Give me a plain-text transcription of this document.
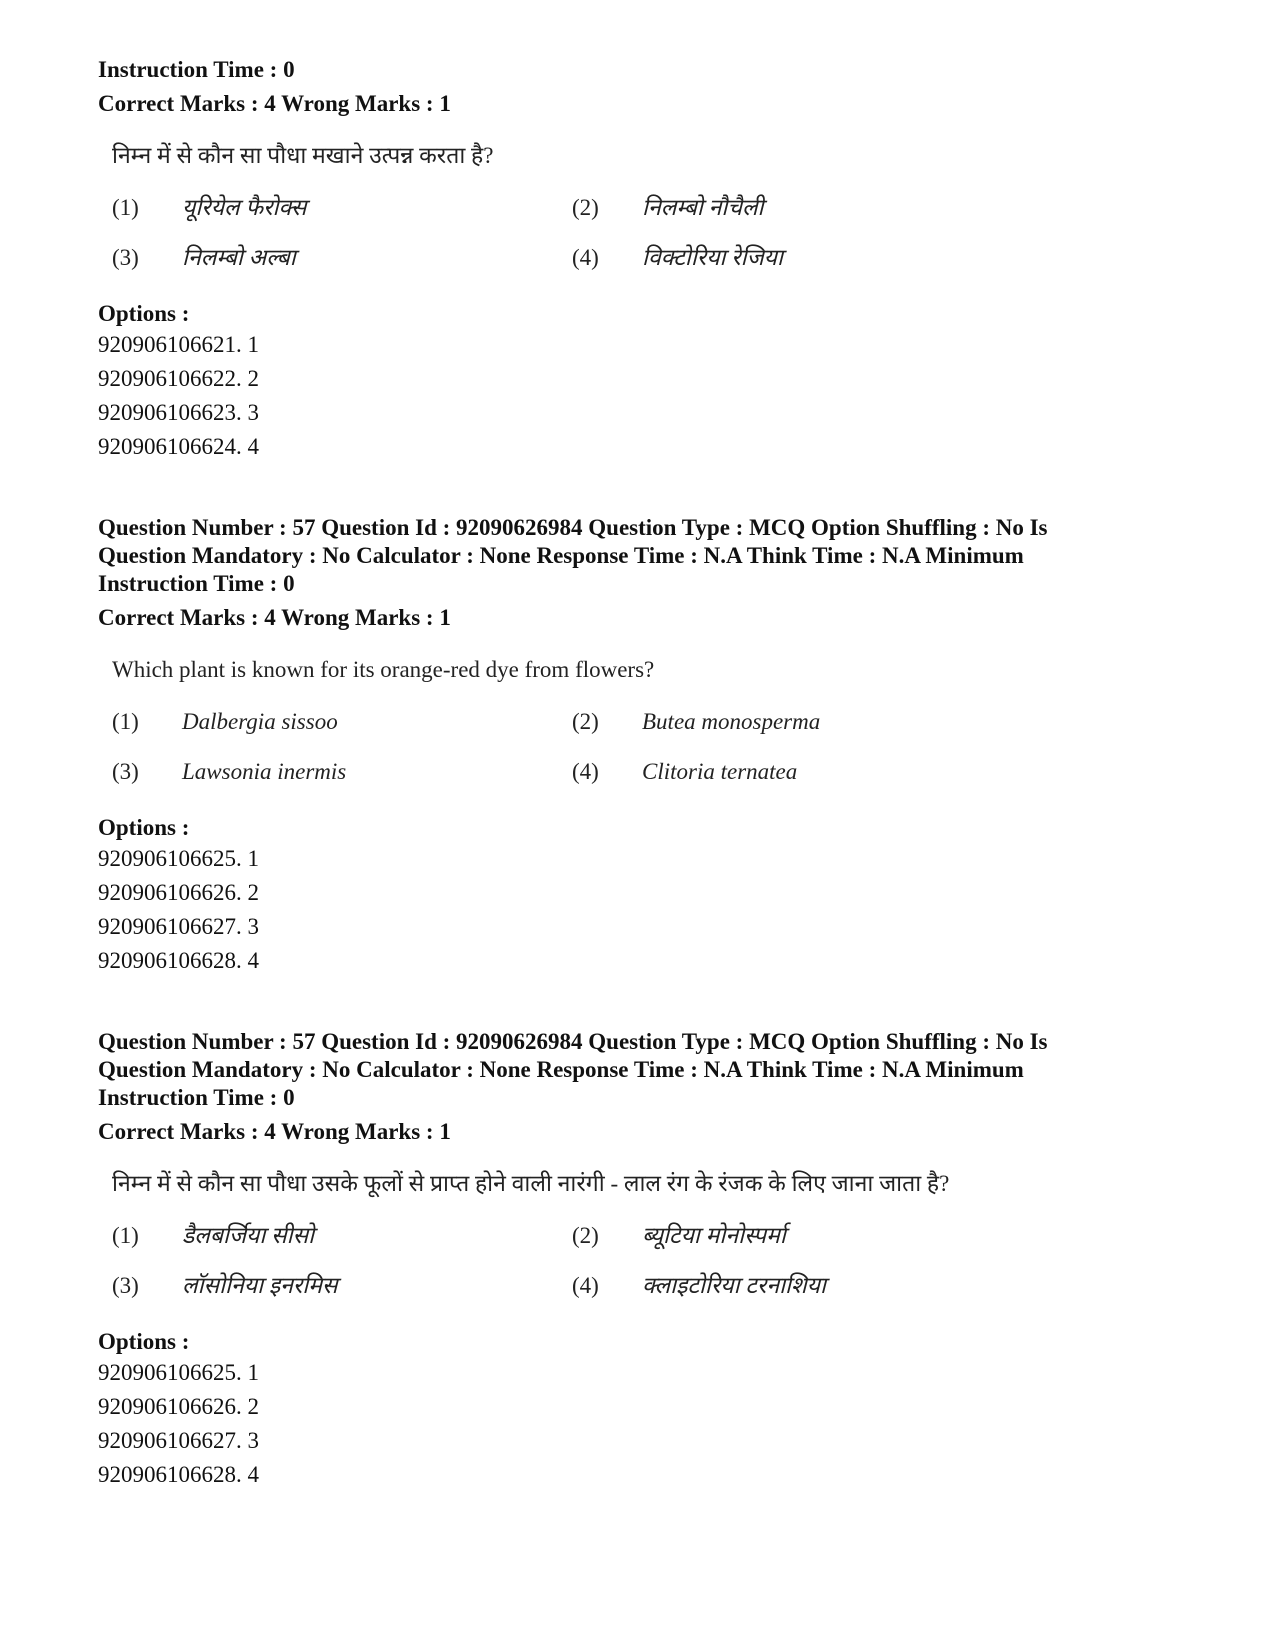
Instruction Time : 0
Correct Marks : 4 Wrong Marks : 1
निम्न में से कौन सा पौधा मखाने उत्पन्न करता है?
(1)	यूरियेल फैरोक्स	(2)	निलम्बो नौचैली
(3)	निलम्बो अल्बा	(4)	विक्टोरिया रेजिया
Options :
920906106621. 1
920906106622. 2
920906106623. 3
920906106624. 4
Question Number : 57 Question Id : 92090626984 Question Type : MCQ Option Shuffling : No Is
Question Mandatory : No Calculator : None Response Time : N.A Think Time : N.A Minimum
Instruction Time : 0
Correct Marks : 4 Wrong Marks : 1
Which plant is known for its orange-red dye from flowers?
(1)	Dalbergia sissoo	(2)	Butea monosperma
(3)	Lawsonia inermis	(4)	Clitoria ternatea
Options :
920906106625. 1
920906106626. 2
920906106627. 3
920906106628. 4
Question Number : 57 Question Id : 92090626984 Question Type : MCQ Option Shuffling : No Is
Question Mandatory : No Calculator : None Response Time : N.A Think Time : N.A Minimum
Instruction Time : 0
Correct Marks : 4 Wrong Marks : 1
निम्न में से कौन सा पौधा उसके फूलों से प्राप्त होने वाली नारंगी - लाल रंग के रंजक के लिए जाना जाता है?
(1)	डैलबर्जिया सीसो	(2)	ब्यूटिया मोनोस्पर्मा
(3)	लॉसोनिया इनरमिस	(4)	क्लाइटोरिया टरनाशिया
Options :
920906106625. 1
920906106626. 2
920906106627. 3
920906106628. 4
